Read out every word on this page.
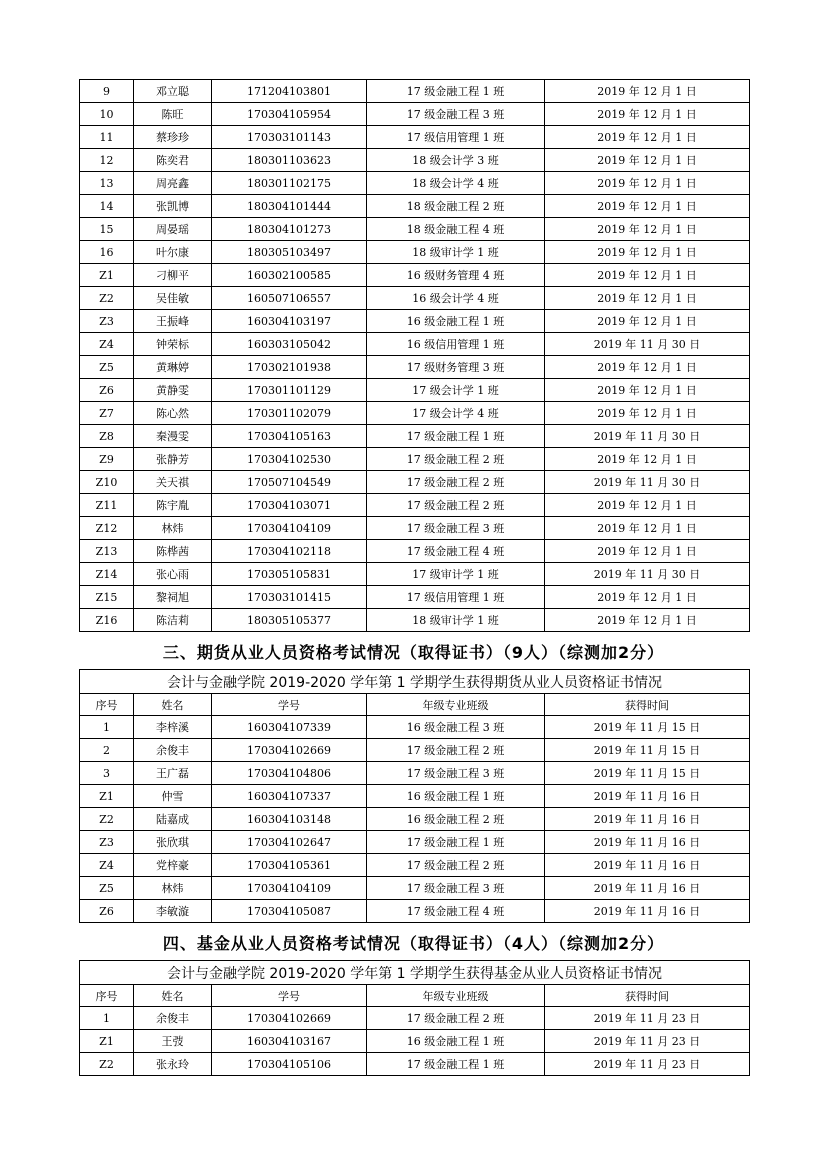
9	邓立聪	171204103801	17 级金融工程 1 班	2019 年 12 月 1 日
10	陈旺	170304105954	17 级金融工程 3 班	2019 年 12 月 1 日
11	蔡珍珍	170303101143	17 级信用管理 1 班	2019 年 12 月 1 日
12	陈奕君	180301103623	18 级会计学 3 班	2019 年 12 月 1 日
13	周亮鑫	180301102175	18 级会计学 4 班	2019 年 12 月 1 日
14	张凯博	180304101444	18 级金融工程 2 班	2019 年 12 月 1 日
15	周晏瑶	180304101273	18 级金融工程 4 班	2019 年 12 月 1 日
16	叶尔康	180305103497	18 级审计学 1 班	2019 年 12 月 1 日
Z1	刁柳平	160302100585	16 级财务管理 4 班	2019 年 12 月 1 日
Z2	吴佳敏	160507106557	16 级会计学 4 班	2019 年 12 月 1 日
Z3	王振峰	160304103197	16 级金融工程 1 班	2019 年 12 月 1 日
Z4	钟荣标	160303105042	16 级信用管理 1 班	2019 年 11 月 30 日
Z5	黄琳婷	170302101938	17 级财务管理 3 班	2019 年 12 月 1 日
Z6	黄静雯	170301101129	17 级会计学 1 班	2019 年 12 月 1 日
Z7	陈心然	170301102079	17 级会计学 4 班	2019 年 12 月 1 日
Z8	秦漫雯	170304105163	17 级金融工程 1 班	2019 年 11 月 30 日
Z9	张静芳	170304102530	17 级金融工程 2 班	2019 年 12 月 1 日
Z10	关天祺	170507104549	17 级金融工程 2 班	2019 年 11 月 30 日
Z11	陈宇胤	170304103071	17 级金融工程 2 班	2019 年 12 月 1 日
Z12	林炜	170304104109	17 级金融工程 3 班	2019 年 12 月 1 日
Z13	陈桦茜	170304102118	17 级金融工程 4 班	2019 年 12 月 1 日
Z14	张心雨	170305105831	17 级审计学 1 班	2019 年 11 月 30 日
Z15	黎祠旭	170303101415	17 级信用管理 1 班	2019 年 12 月 1 日
Z16	陈洁莉	180305105377	18 级审计学 1 班	2019 年 12 月 1 日
三、期货从业人员资格考试情况（取得证书）（9人）（综测加2分）
会计与金融学院 2019-2020 学年第 1 学期学生获得期货从业人员资格证书情况				
序号	姓名	学号	年级专业班级	获得时间
1	李梓溪	160304107339	16 级金融工程 3 班	2019 年 11 月 15 日
2	余俊丰	170304102669	17 级金融工程 2 班	2019 年 11 月 15 日
3	王广磊	170304104806	17 级金融工程 3 班	2019 年 11 月 15 日
Z1	仲雪	160304107337	16 级金融工程 1 班	2019 年 11 月 16 日
Z2	陆嘉成	160304103148	16 级金融工程 2 班	2019 年 11 月 16 日
Z3	张欣琪	170304102647	17 级金融工程 1 班	2019 年 11 月 16 日
Z4	党梓豪	170304105361	17 级金融工程 2 班	2019 年 11 月 16 日
Z5	林炜	170304104109	17 级金融工程 3 班	2019 年 11 月 16 日
Z6	李敏漩	170304105087	17 级金融工程 4 班	2019 年 11 月 16 日
四、基金从业人员资格考试情况（取得证书）（4人）（综测加2分）
会计与金融学院 2019-2020 学年第 1 学期学生获得基金从业人员资格证书情况				
序号	姓名	学号	年级专业班级	获得时间
1	余俊丰	170304102669	17 级金融工程 2 班	2019 年 11 月 23 日
Z1	王弢	160304103167	16 级金融工程 1 班	2019 年 11 月 23 日
Z2	张永玲	170304105106	17 级金融工程 1 班	2019 年 11 月 23 日
